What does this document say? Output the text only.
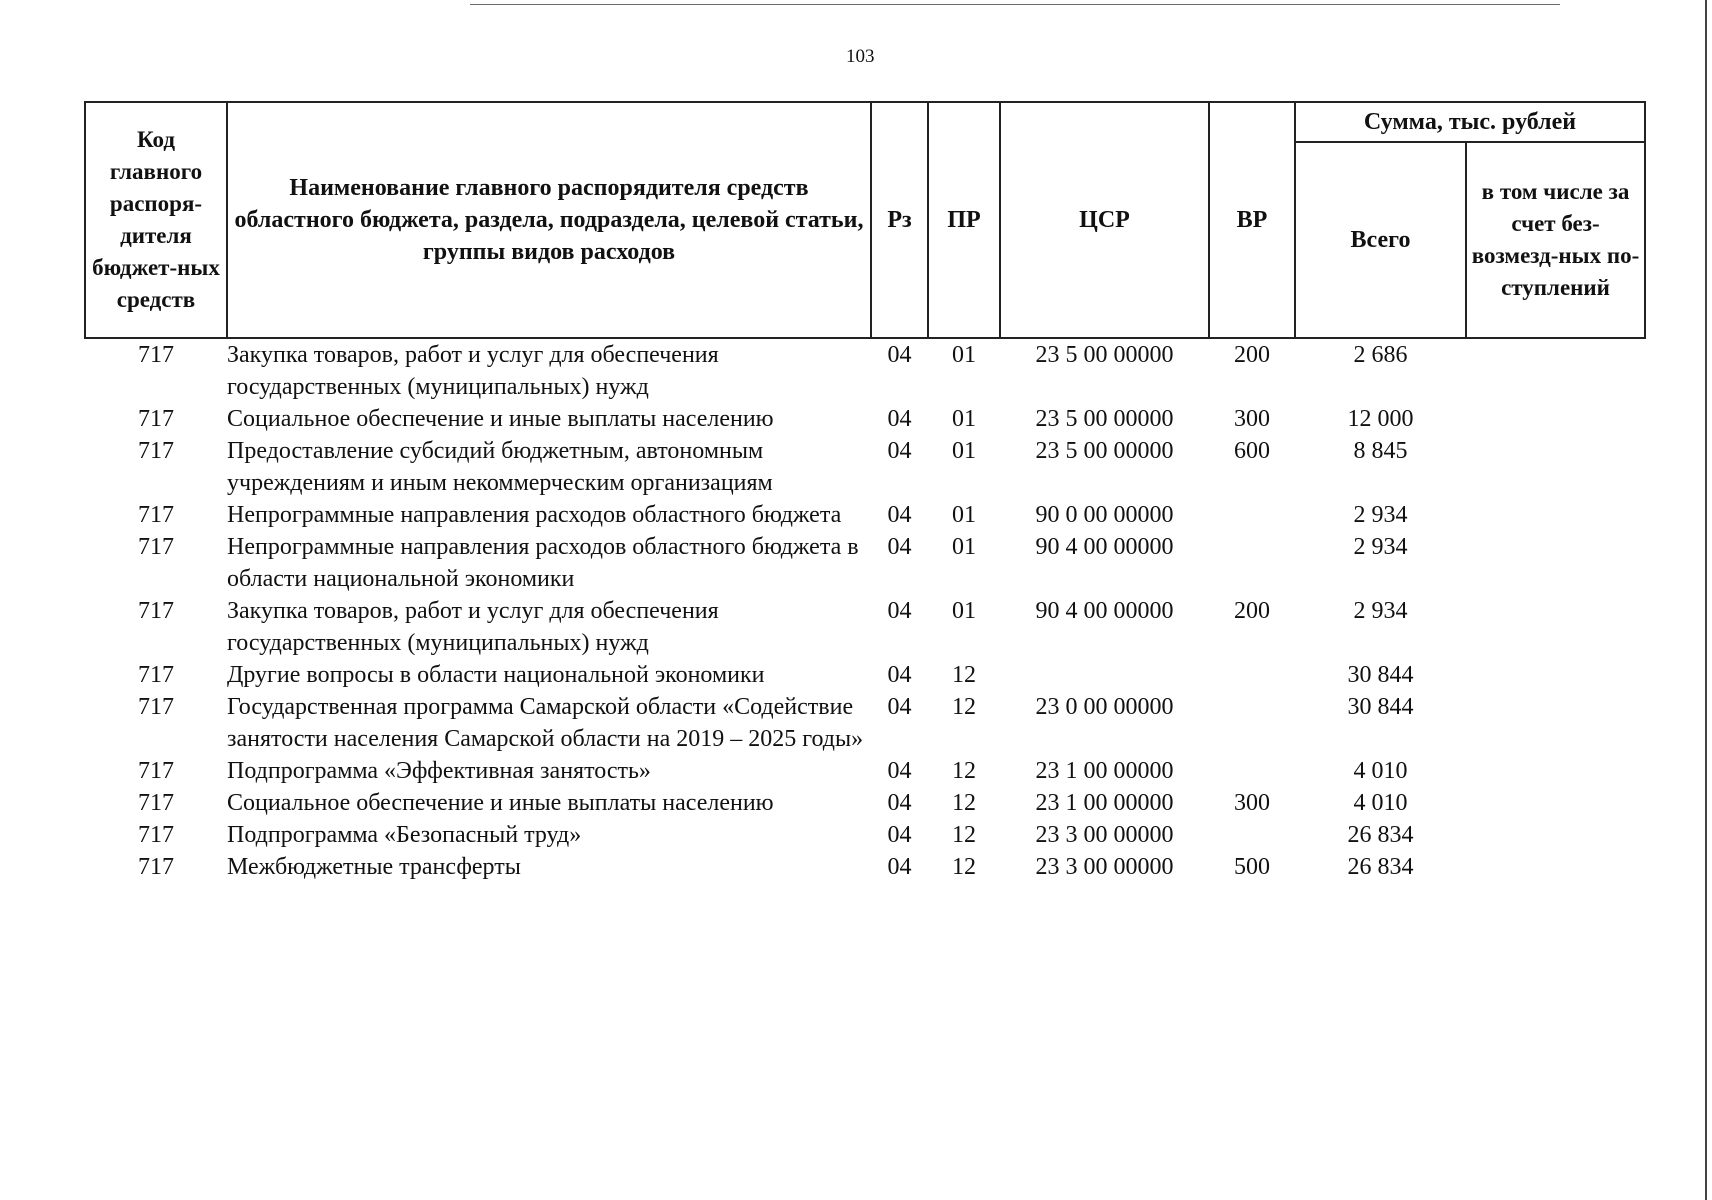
103
Код главного распоря-дителя бюджет-ных средств	Наименование главного распорядителя средств областного бюджета, раздела, подраздела, целевой статьи, группы видов расходов	Рз	ПР	ЦСР	ВР	Сумма, тыс. рублей	
						Всего	в том числе за счет без-возмезд-ных по-ступлений
717	Закупка товаров, работ и услуг для обеспечения государственных (муниципальных) нужд	04	01	23 5 00 00000	200	2 686	
717	Социальное обеспечение и иные выплаты населению	04	01	23 5 00 00000	300	12 000	
717	Предоставление субсидий бюджетным, автономным учреждениям и иным некоммерческим организациям	04	01	23 5 00 00000	600	8 845	
717	Непрограммные направления расходов областного бюджета	04	01	90 0 00 00000		2 934	
717	Непрограммные направления расходов областного бюджета в области национальной экономики	04	01	90 4 00 00000		2 934	
717	Закупка товаров, работ и услуг для обеспечения государственных (муниципальных) нужд	04	01	90 4 00 00000	200	2 934	
717	Другие вопросы в области национальной экономики	04	12			30 844	
717	Государственная программа Самарской области «Содействие занятости населения Самарской области на 2019 – 2025 годы»	04	12	23 0 00 00000		30 844	
717	Подпрограмма «Эффективная занятость»	04	12	23 1 00 00000		4 010	
717	Социальное обеспечение и иные выплаты населению	04	12	23 1 00 00000	300	4 010	
717	Подпрограмма «Безопасный труд»	04	12	23 3 00 00000		26 834	
717	Межбюджетные трансферты	04	12	23 3 00 00000	500	26 834	
